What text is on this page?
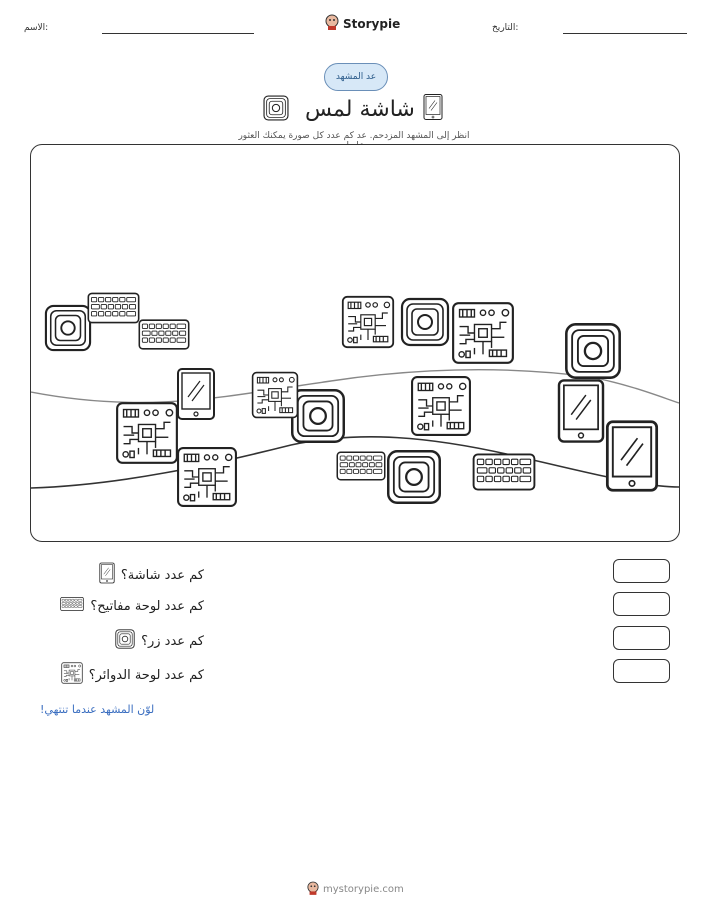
الاسم:	Storypie	التاريخ:
عد المشهد
شاشة لمس
انظر إلى المشهد المزدحم. عد كم عدد كل صورة يمكنك العثور
كم عدد شاشة؟
كم عدد لوحة مفاتيح؟
كم عدد زر؟
كم عدد لوحة الدوائر؟
لوّن المشهد عندما تنتهي!
mystorypie.com
